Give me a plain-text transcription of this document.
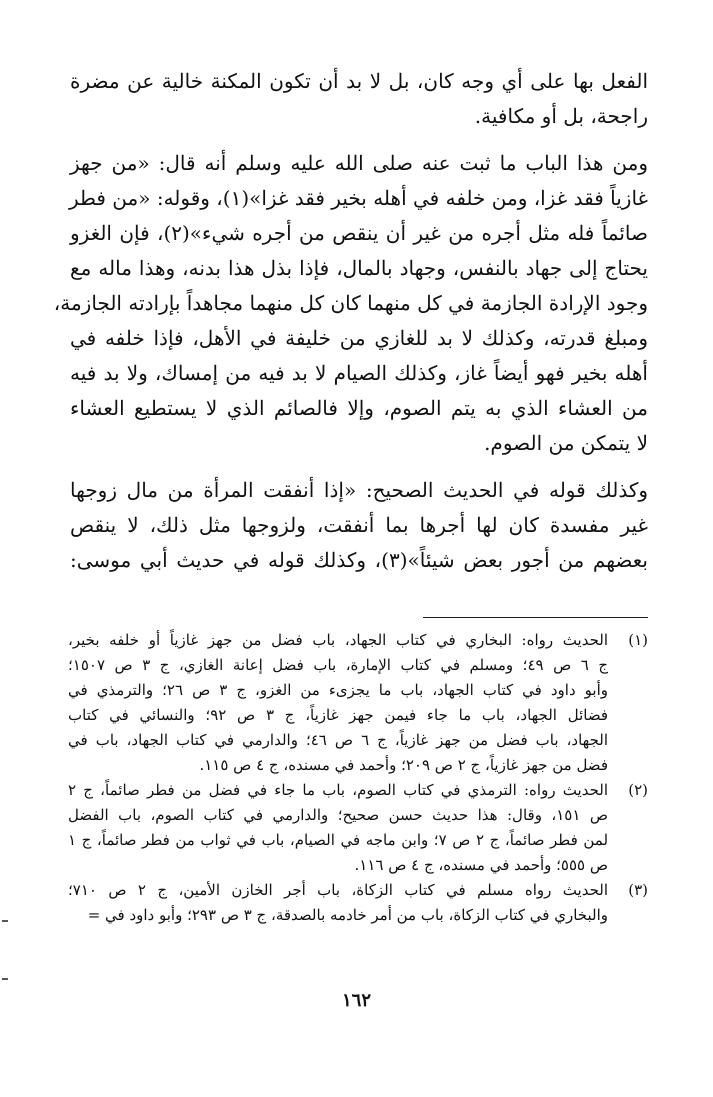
الفعل بها على أي وجه كان، بل لا بد أن تكون المكنة خالية عن مضرة
راجحة، بل أو مكافية.
ومن هذا الباب ما ثبت عنه صلى الله عليه وسلم أنه قال: «من جهز
غازياً فقد غزا، ومن خلفه في أهله بخير فقد غزا»(١)، وقوله: «من فطر
صائماً فله مثل أجره من غير أن ينقص من أجره شيء»(٢)، فإن الغزو
يحتاج إلى جهاد بالنفس، وجهاد بالمال، فإذا بذل هذا بدنه، وهذا ماله مع
وجود الإرادة الجازمة في كل منهما كان كل منهما مجاهداً بإرادته الجازمة،
ومبلغ قدرته، وكذلك لا بد للغازي من خليفة في الأهل، فإذا خلفه في
أهله بخير فهو أيضاً غاز، وكذلك الصيام لا بد فيه من إمساك، ولا بد فيه
من العشاء الذي به يتم الصوم، وإلا فالصائم الذي لا يستطيع العشاء
لا يتمكن من الصوم.
وكذلك قوله في الحديث الصحيح: «إذا أنفقت المرأة من مال زوجها
غير مفسدة كان لها أجرها بما أنفقت، ولزوجها مثل ذلك، لا ينقص
بعضهم من أجور بعض شيئاً»(٣)، وكذلك قوله في حديث أبي موسى:
(١)
الحديث رواه: البخاري في كتاب الجهاد، باب فضل من جهز غازياً أو خلفه بخير،
ج ٦ ص ٤٩؛ ومسلم في كتاب الإمارة، باب فضل إعانة الغازي، ج ٣ ص ١٥٠٧؛
وأبو داود في كتاب الجهاد، باب ما يجزىء من الغزو، ج ٣ ص ٢٦؛ والترمذي في
فضائل الجهاد، باب ما جاء فيمن جهز غازياً، ج ٣ ص ٩٢؛ والنسائي في كتاب
الجهاد، باب فضل من جهز غازياً، ج ٦ ص ٤٦؛ والدارمي في كتاب الجهاد، باب في
فضل من جهز غازياً، ج ٢ ص ٢٠٩؛ وأحمد في مسنده، ج ٤ ص ١١٥.
(٢)
الحديث رواه: الترمذي في كتاب الصوم، باب ما جاء في فضل من فطر صائماً، ج ٢
ص ١٥١، وقال: هذا حديث حسن صحيح؛ والدارمي في كتاب الصوم، باب الفضل
لمن فطر صائماً، ج ٢ ص ٧؛ وابن ماجه في الصيام، باب في ثواب من فطر صائماً، ج ١
ص ٥٥٥؛ وأحمد في مسنده، ج ٤ ص ١١٦.
(٣)
الحديث رواه مسلم في كتاب الزكاة، باب أجر الخازن الأمين، ج ٢ ص ٧١٠؛
والبخاري في كتاب الزكاة، باب من أمر خادمه بالصدقة، ج ٣ ص ٢٩٣؛ وأبو داود في =
١٦٢
